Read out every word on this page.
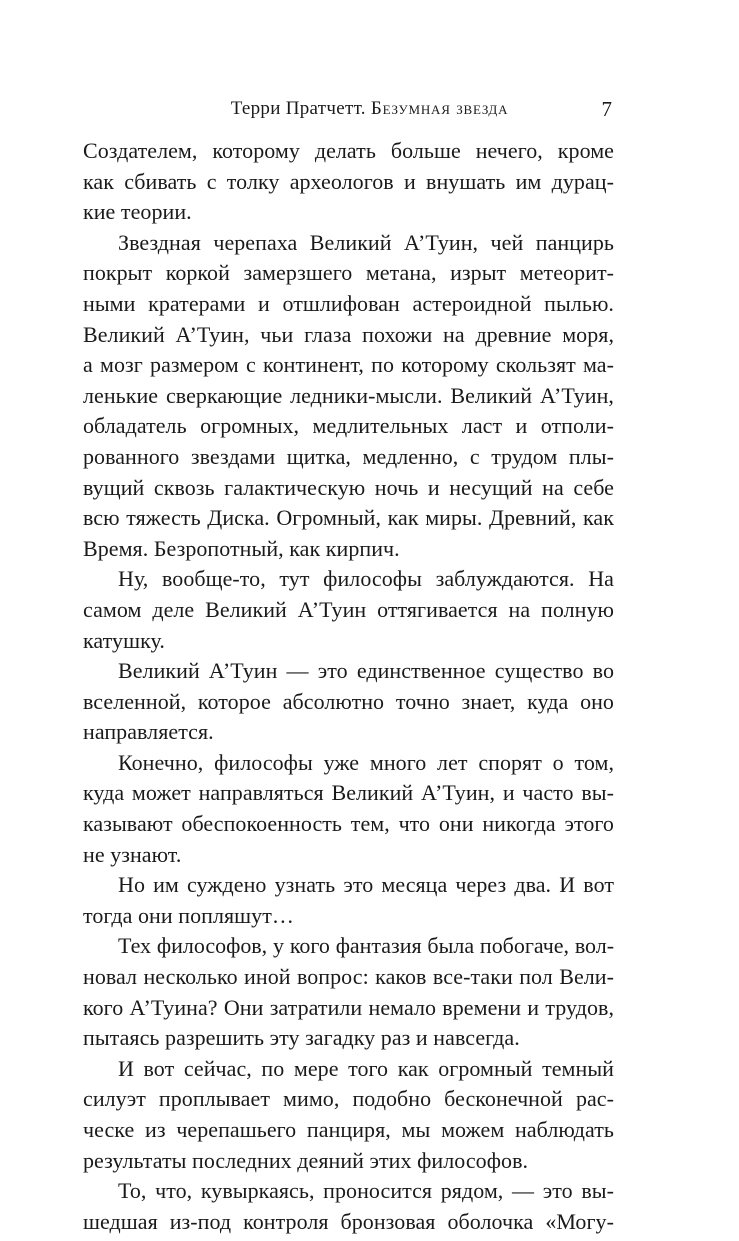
Терри Пратчетт. Безумная звезда	7

Создателем, которому делать больше нечего, кроме
как сбивать с толку археологов и внушать им дурац-
кие теории.

Звездная черепаха Великий А’Туин, чей панцирь
покрыт коркой замерзшего метана, изрыт метеорит-
ными кратерами и отшлифован астероидной пылью.
Великий А’Туин, чьи глаза похожи на древние моря,
а мозг размером с континент, по которому скользят ма-
ленькие сверкающие ледники-мысли. Великий А’Туин,
обладатель огромных, медлительных ласт и отполи-
рованного звездами щитка, медленно, с трудом плы-
вущий сквозь галактическую ночь и несущий на себе
всю тяжесть Диска. Огромный, как миры. Древний, как
Время. Безропотный, как кирпич.

Ну, вообще-то, тут философы заблуждаются. На
самом деле Великий А’Туин оттягивается на полную
катушку.

Великий А’Туин — это единственное существо во
вселенной, которое абсолютно точно знает, куда оно
направляется.

Конечно, философы уже много лет спорят о том,
куда может направляться Великий А’Туин, и часто вы-
казывают обеспокоенность тем, что они никогда этого
не узнают.

Но им суждено узнать это месяца через два. И вот
тогда они попляшут…

Тех философов, у кого фантазия была побогаче, вол-
новал несколько иной вопрос: каков все-таки пол Вели-
кого А’Туина? Они затратили немало времени и трудов,
пытаясь разрешить эту загадку раз и навсегда.

И вот сейчас, по мере того как огромный темный
силуэт проплывает мимо, подобно бесконечной рас-
ческе из черепашьего панциря, мы можем наблюдать
результаты последних деяний этих философов.

То, что, кувыркаясь, проносится рядом, — это вы-
шедшая из-под контроля бронзовая оболочка «Могу-
